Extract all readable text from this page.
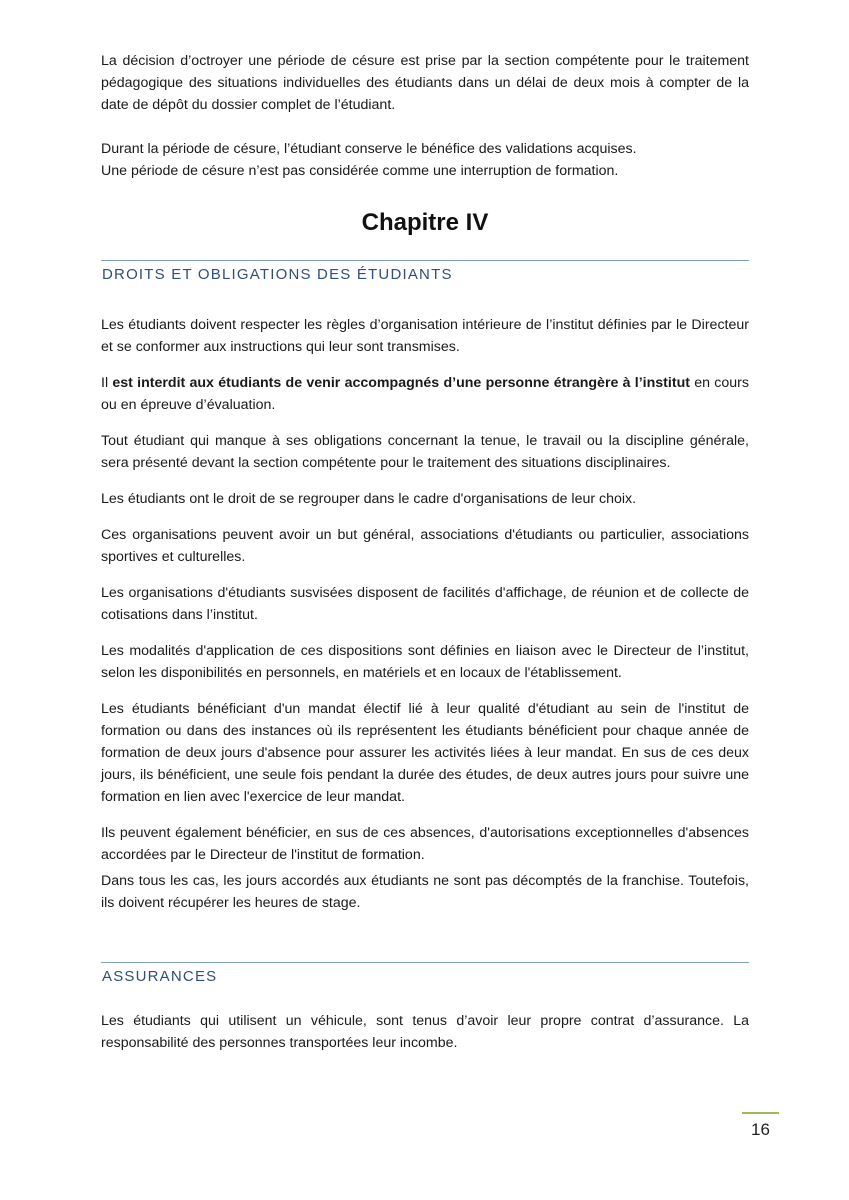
La décision d’octroyer une période de césure est prise par la section compétente pour le traitement pédagogique des situations individuelles des étudiants dans un délai de deux mois à compter de la date de dépôt du dossier complet de l’étudiant.

Durant la période de césure, l’étudiant conserve le bénéfice des validations acquises.

Une période de césure n’est pas considérée comme une interruption de formation.

Chapitre IV
DROITS ET OBLIGATIONS DES ÉTUDIANTS

Les étudiants doivent respecter les règles d’organisation intérieure de l’institut définies par le Directeur et se conformer aux instructions qui leur sont transmises.

Il est interdit aux étudiants de venir accompagnés d’une personne étrangère à l’institut en cours ou en épreuve d’évaluation.

Tout étudiant qui manque à ses obligations concernant la tenue, le travail ou la discipline générale, sera présenté devant la section compétente pour le traitement des situations disciplinaires.

Les étudiants ont le droit de se regrouper dans le cadre d'organisations de leur choix.

Ces organisations peuvent avoir un but général, associations d'étudiants ou particulier, associations sportives et culturelles.

Les organisations d'étudiants susvisées disposent de facilités d'affichage, de réunion et de collecte de cotisations dans l’institut.

Les modalités d'application de ces dispositions sont définies en liaison avec le Directeur de l’institut, selon les disponibilités en personnels, en matériels et en locaux de l'établissement.

Les étudiants bénéficiant d'un mandat électif lié à leur qualité d'étudiant au sein de l'institut de formation ou dans des instances où ils représentent les étudiants bénéficient pour chaque année de formation de deux jours d'absence pour assurer les activités liées à leur mandat. En sus de ces deux jours, ils bénéficient, une seule fois pendant la durée des études, de deux autres jours pour suivre une formation en lien avec l'exercice de leur mandat.

Ils peuvent également bénéficier, en sus de ces absences, d'autorisations exceptionnelles d'absences accordées par le Directeur de l'institut de formation.

Dans tous les cas, les jours accordés aux étudiants ne sont pas décomptés de la franchise. Toutefois, ils doivent récupérer les heures de stage.

ASSURANCES

Les étudiants qui utilisent un véhicule, sont tenus d’avoir leur propre contrat d’assurance. La responsabilité des personnes transportées leur incombe.

16
